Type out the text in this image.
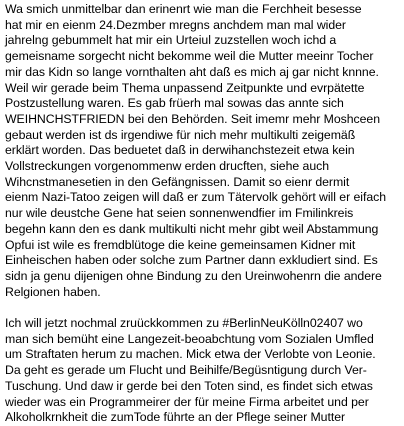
Wa smich unmittelbar dan erinenrt wie man die Ferchheit besesse
hat mir en eienm 24.Dezmber mregns anchdem man mal wider
jahrelng gebummelt hat mir ein Urteiul zuzstellen woch ichd a
gemeisname sorgecht nicht bekomme weil die Mutter meeinr Tocher
mir das Kidn so lange vornthalten aht daß es mich aj gar nicht knnne.
Weil wir gerade beim Thema unpassend Zeitpunkte und evrpätette
Postzustellung waren. Es gab früerh mal sowas das annte sich
WEIHNCHSTFRIEDN bei den Behörden. Seit imemr mehr Moshceen
gebaut werden ist ds irgendiwe für nich mehr multikulti zeigemäß
erklärt worden. Das beduetet daß in derwihanchstezeit etwa kein
Vollstreckungen vorgenommenw erden drucften, siehe auch
Wihcnstmanesetien in den Gefängnissen. Damit so eienr dermit
eienm Nazi-Tatoo zeigen will daß er zum Tätervolk gehört will er eifach
nur wile deustche Gene hat seien sonnenwendfier im Fmilinkreis
begehn kann den es dank multikulti nicht mehr gibt weil Abstammung
Opfui ist wile es fremdblütoge die keine gemeinsamen Kidner mit
Einheischen haben oder solche zum Partner dann exkludiert sind. Es
sidn ja genu dijenigen ohne Bindung zu den Ureinwohenrn die andere
Relgionen haben.

Ich will jetzt nochmal zruückkommen zu #BerlinNeuKölln02407 wo
man sich bemüht eine Langezeit-beoabchtung vom Sozialen Umfled
um Straftaten herum zu machen. Mick etwa der Verlobte von Leonie.
Da geht es gerade um Flucht und Beihilfe/Begüsntigung durch Ver-
Tuschung. Und daw ir gerde bei den Toten sind, es findet sich etwas
wieder was ein Programmeirer der für meine Firma arbeitet und per
Alkoholkrnkheit die zumTode führte an der Pflege seiner Mutter
